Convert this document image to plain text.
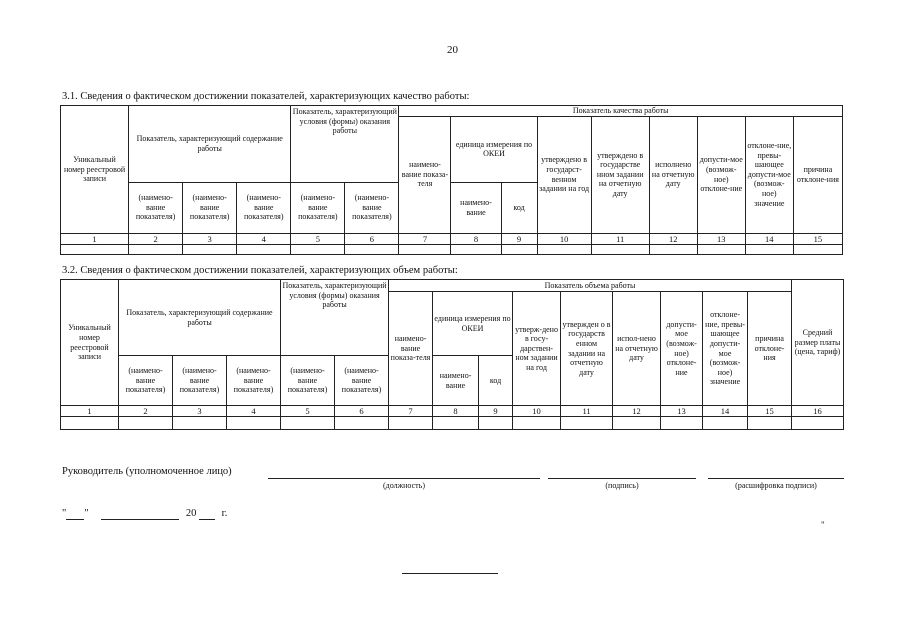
20
3.1. Сведения о фактическом достижении показателей, характеризующих качество работы:
Уникальный номер реестровой записи	Показатель, характеризующий содержание работы			Показатель, характеризующий условия (формы) оказания работы		Показатель качества работы								
						наимено-вание показа-теля	единица измерения по ОКЕИ		утверждено в государст-венном задании на год	утверждено в государстве нном задании на отчетную дату	исполнено на отчетную дату	допусти-мое (возмож-ное) отклоне-ние	отклоне-ние, превы-шающее допусти-мое (возмож-ное) значение	причина отклоне-ния
	(наимено-вание показателя)	(наимено-вание показателя)	(наимено-вание показателя)	(наимено-вание показателя)	(наимено-вание показателя)		наимено-вание	код						
1	2	3	4	5	6	7	8	9	10	11	12	13	14	15

3.2. Сведения о фактическом достижении показателей, характеризующих объем работы:
Уникальный номер реестровой записи	Показатель, характеризующий содержание работы			Показатель, характеризующий условия (формы) оказания работы		Показатель объема работы									Средний размер платы (цена, тариф)
						наимено-вание показа-теля	единица измерения по ОКЕИ		утверж-дено в госу-дарствен-ном задании на год	утвержден о в государств енном задании на отчетную дату	испол-нено на отчетную дату	допусти-мое (возмож-ное) отклоне-ние	отклоне-ние, превы-шающее допусти-мое (возмож-ное) значение	причина отклоне-ния	
	(наимено-вание показателя)	(наимено-вание показателя)	(наимено-вание показателя)	(наимено-вание показателя)	(наимено-вание показателя)		наимено-вание	код							
1	2	3	4	5	6	7	8	9	10	11	12	13	14	15	16

Руководитель (уполномоченное лицо)
(должность)	(подпись)	(расшифровка подписи)
" "	20 г.
"
